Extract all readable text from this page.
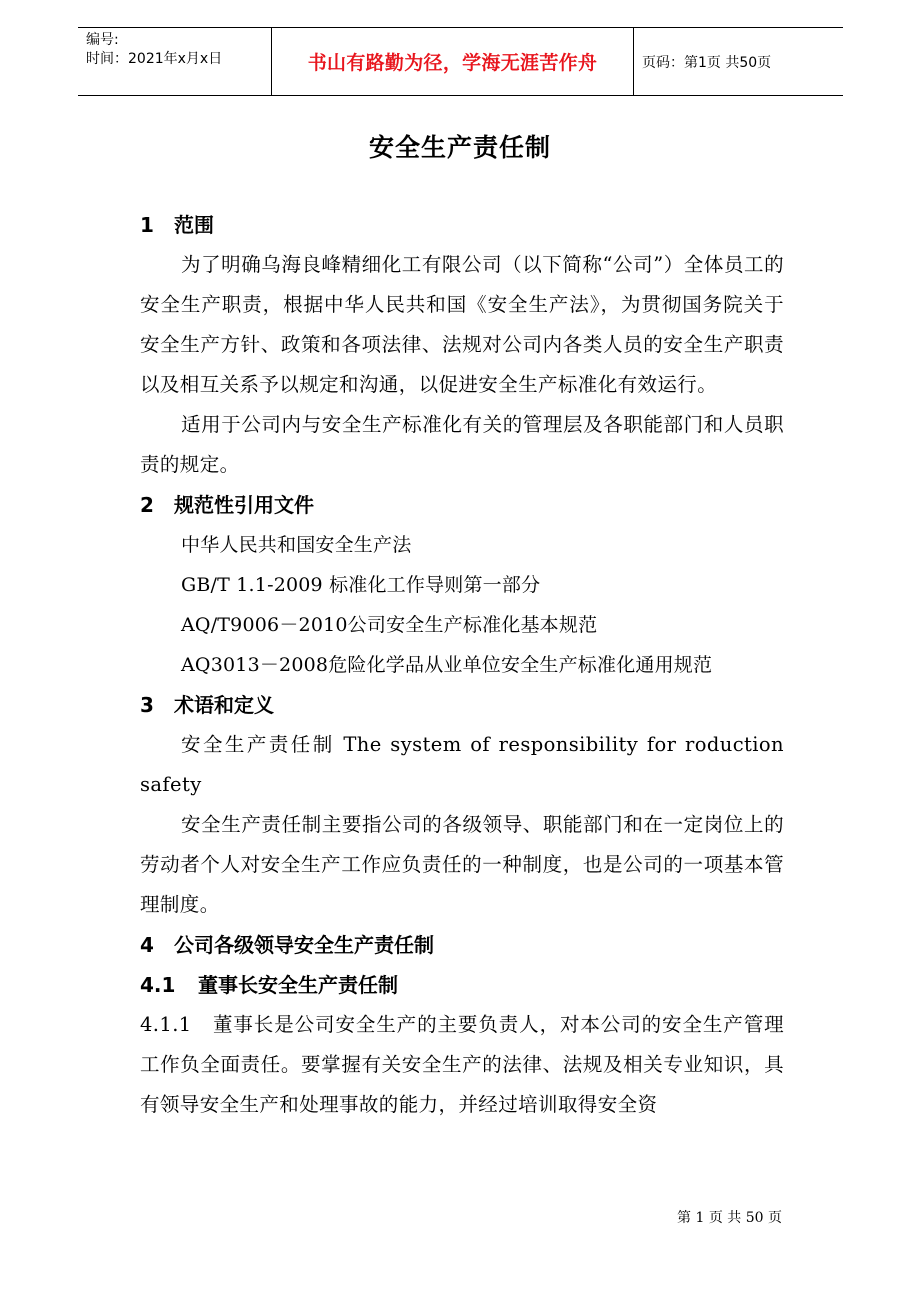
编号:
时间：2021年x月x日	书山有路勤为径，学海无涯苦作舟	页码：第1页 共50页
安全生产责任制
1 范围
为了明确乌海良峰精细化工有限公司（以下简称“公司”）全体员工的安全生产职责，根据中华人民共和国《安全生产法》，为贯彻国务院关于安全生产方针、政策和各项法律、法规对公司内各类人员的安全生产职责以及相互关系予以规定和沟通，以促进安全生产标准化有效运行。
适用于公司内与安全生产标准化有关的管理层及各职能部门和人员职责的规定。
2 规范性引用文件
中华人民共和国安全生产法
GB/T 1.1-2009 标准化工作导则第一部分
AQ/T9006－2010公司安全生产标准化基本规范
AQ3013－2008危险化学品从业单位安全生产标准化通用规范
3 术语和定义
安全生产责任制 The system of responsibility for roduction safety
安全生产责任制主要指公司的各级领导、职能部门和在一定岗位上的劳动者个人对安全生产工作应负责任的一种制度，也是公司的一项基本管理制度。
4 公司各级领导安全生产责任制
4.1 董事长安全生产责任制
4.1.1 董事长是公司安全生产的主要负责人，对本公司的安全生产管理工作负全面责任。要掌握有关安全生产的法律、法规及相关专业知识，具有领导安全生产和处理事故的能力，并经过培训取得安全资
第 1 页 共 50 页
